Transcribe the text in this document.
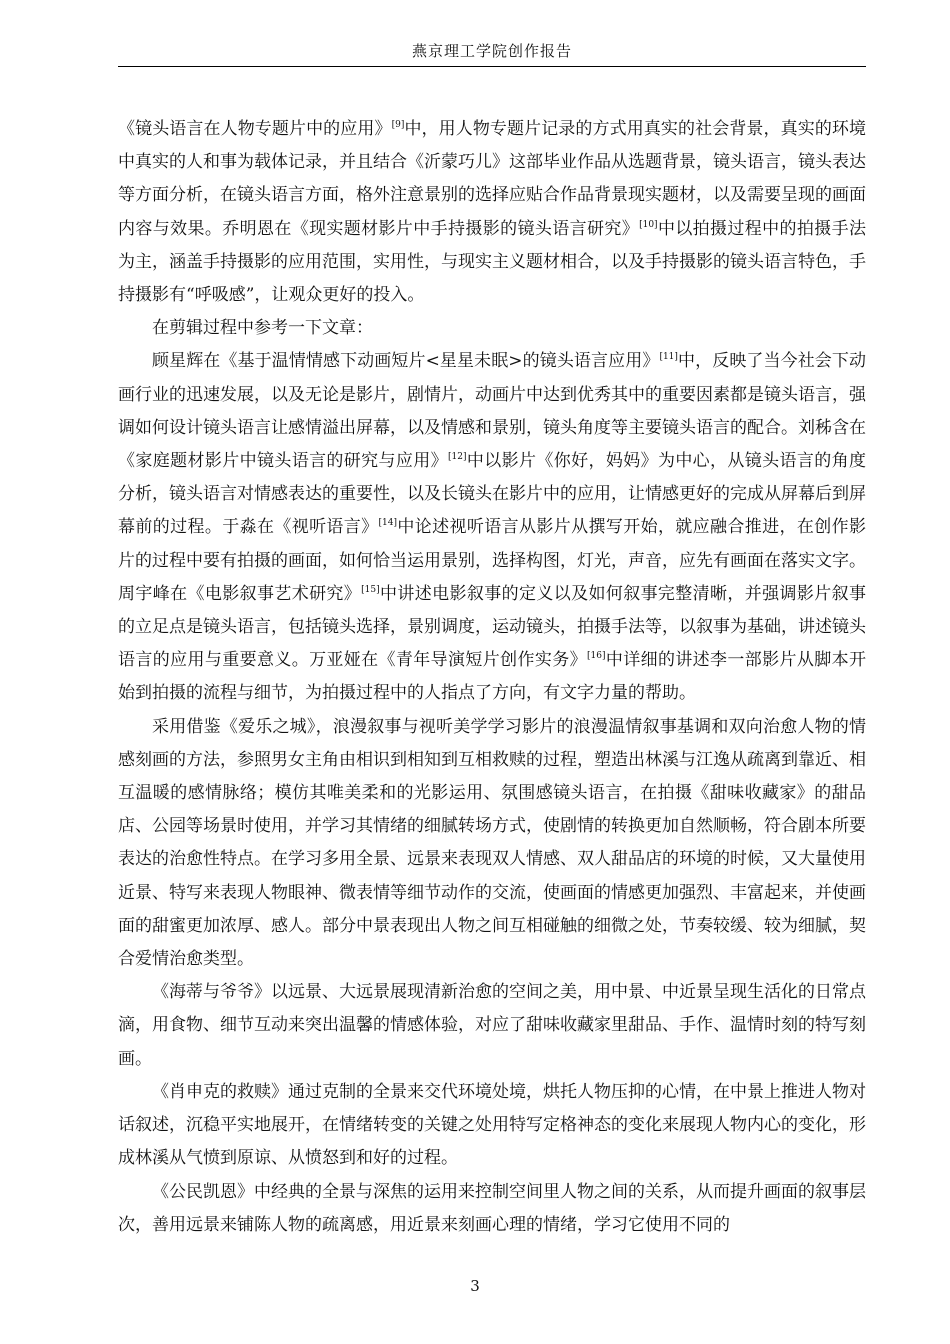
燕京理工学院创作报告

《镜头语言在人物专题片中的应用》[9]中，用人物专题片记录的方式用真实的社会背景，真实的环境中真实的人和事为载体记录，并且结合《沂蒙巧儿》这部毕业作品从选题背景，镜头语言，镜头表达等方面分析，在镜头语言方面，格外注意景别的选择应贴合作品背景现实题材，以及需要呈现的画面内容与效果。乔明恩在《现实题材影片中手持摄影的镜头语言研究》[10]中以拍摄过程中的拍摄手法为主，涵盖手持摄影的应用范围，实用性，与现实主义题材相合，以及手持摄影的镜头语言特色，手持摄影有“呼吸感”，让观众更好的投入。

在剪辑过程中参考一下文章：

顾星辉在《基于温情情感下动画短片<星星未眠>的镜头语言应用》[11]中，反映了当今社会下动画行业的迅速发展，以及无论是影片，剧情片，动画片中达到优秀其中的重要因素都是镜头语言，强调如何设计镜头语言让感情溢出屏幕，以及情感和景别，镜头角度等主要镜头语言的配合。刘秭含在《家庭题材影片中镜头语言的研究与应用》[12]中以影片《你好，妈妈》为中心，从镜头语言的角度分析，镜头语言对情感表达的重要性，以及长镜头在影片中的应用，让情感更好的完成从屏幕后到屏幕前的过程。于淼在《视听语言》[14]中论述视听语言从影片从撰写开始，就应融合推进，在创作影片的过程中要有拍摄的画面，如何恰当运用景别，选择构图，灯光，声音，应先有画面在落实文字。周宇峰在《电影叙事艺术研究》[15]中讲述电影叙事的定义以及如何叙事完整清晰，并强调影片叙事的立足点是镜头语言，包括镜头选择，景别调度，运动镜头，拍摄手法等，以叙事为基础，讲述镜头语言的应用与重要意义。万亚娅在《青年导演短片创作实务》[16]中详细的讲述李一部影片从脚本开始到拍摄的流程与细节，为拍摄过程中的人指点了方向，有文字力量的帮助。

采用借鉴《爱乐之城》，浪漫叙事与视听美学学习影片的浪漫温情叙事基调和双向治愈人物的情感刻画的方法，参照男女主角由相识到相知到互相救赎的过程，塑造出林溪与江逸从疏离到靠近、相互温暖的感情脉络；模仿其唯美柔和的光影运用、氛围感镜头语言，在拍摄《甜味收藏家》的甜品店、公园等场景时使用，并学习其情绪的细腻转场方式，使剧情的转换更加自然顺畅，符合剧本所要表达的治愈性特点。在学习多用全景、远景来表现双人情感、双人甜品店的环境的时候，又大量使用近景、特写来表现人物眼神、微表情等细节动作的交流，使画面的情感更加强烈、丰富起来，并使画面的甜蜜更加浓厚、感人。部分中景表现出人物之间互相碰触的细微之处，节奏较缓、较为细腻，契合爱情治愈类型。

《海蒂与爷爷》以远景、大远景展现清新治愈的空间之美，用中景、中近景呈现生活化的日常点滴，用食物、细节互动来突出温馨的情感体验，对应了甜味收藏家里甜品、手作、温情时刻的特写刻画。

《肖申克的救赎》通过克制的全景来交代环境处境，烘托人物压抑的心情，在中景上推进人物对话叙述，沉稳平实地展开，在情绪转变的关键之处用特写定格神态的变化来展现人物内心的变化，形成林溪从气愤到原谅、从愤怒到和好的过程。

《公民凯恩》中经典的全景与深焦的运用来控制空间里人物之间的关系，从而提升画面的叙事层次，善用远景来铺陈人物的疏离感，用近景来刻画心理的情绪，学习它使用不同的

3
